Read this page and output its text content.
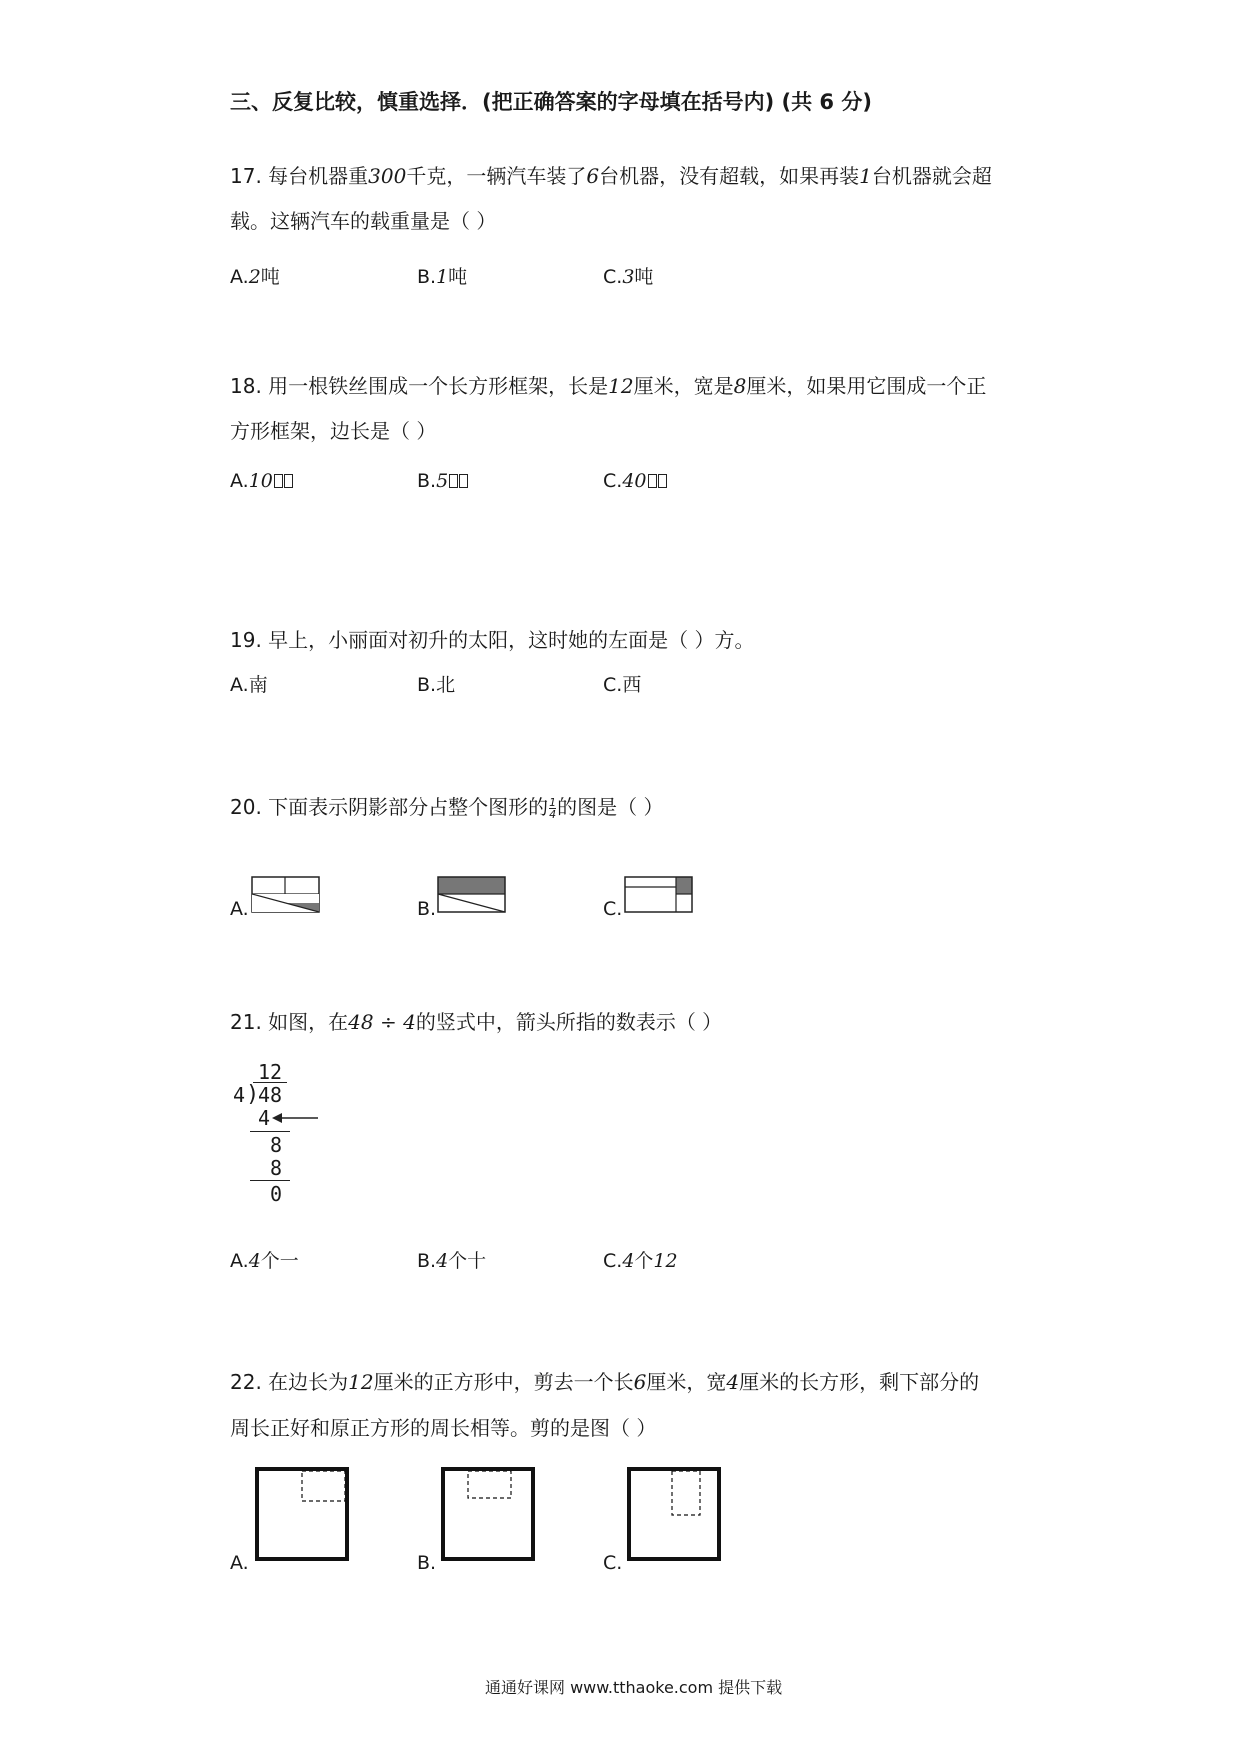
三、反复比较，慎重选择．(把正确答案的字母填在括号内) (共 6 分)
17. 每台机器重300千克，一辆汽车装了6台机器，没有超载，如果再装1台机器就会超
载。这辆汽车的载重量是（ ）
A.2吨	B.1吨	C.3吨
18. 用一根铁丝围成一个长方形框架，长是12厘米，宽是8厘米，如果用它围成一个正
方形框架，边长是（ ）
A.10	B.5	C.40
19. 早上，小丽面对初升的太阳，这时她的左面是（ ）方。
A.南	B.北	C.西
20. 下面表示阴影部分占整个图形的 $\frac{1}{4}$ 的图是（ ）
A.	B.	C.
21. 如图，在48 ÷ 4的竖式中，箭头所指的数表示（ ）
12
4 )
48
4
8
8
0
A.4个一	B.4个十	C.4个12
22. 在边长为12厘米的正方形中，剪去一个长6厘米，宽4厘米的长方形，剩下部分的
周长正好和原正方形的周长相等。剪的是图（ ）
A.	B.	C.
通通好课网 www.tthaoke.com 提供下载
